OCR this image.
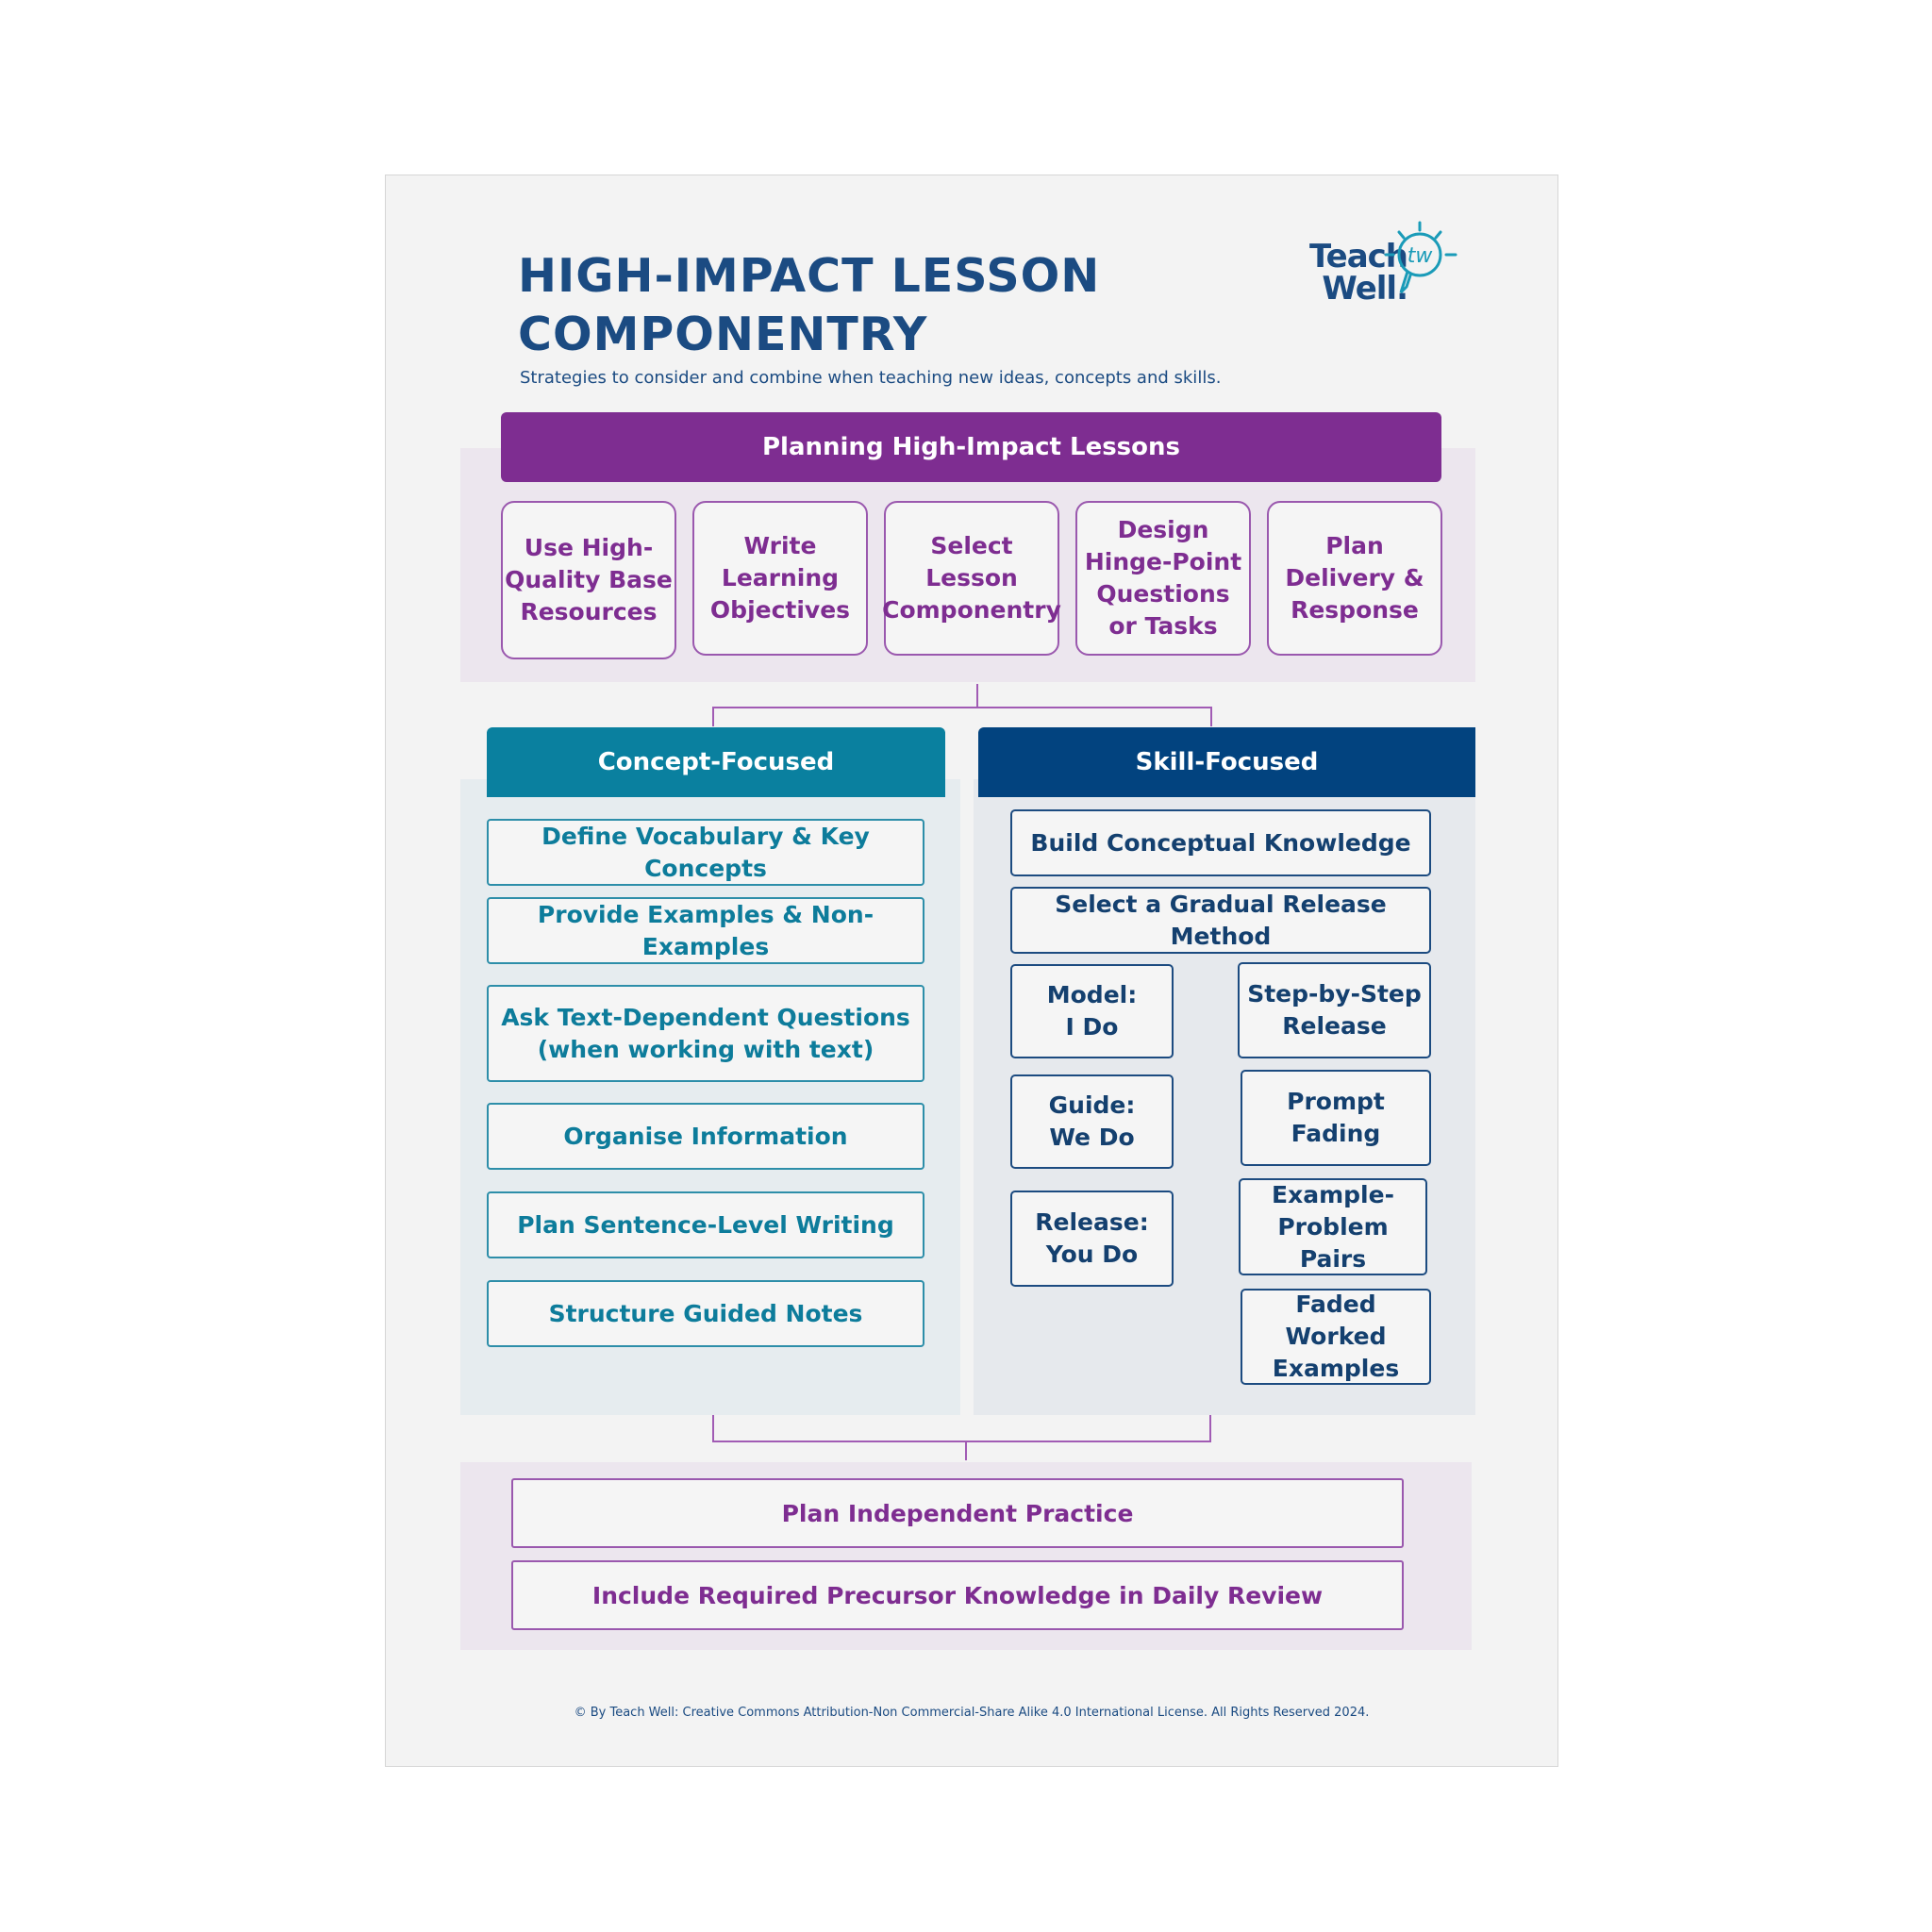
HIGH-IMPACT LESSON
COMPONENTRY
Strategies to consider and combine when teaching new ideas, concepts and skills.
Teach
Well.
tw
Planning High-Impact Lessons
Use High-
Quality Base
Resources
Write
Learning
Objectives
Select Lesson
Componentry
Design
Hinge-Point
Questions
or Tasks
Plan
Delivery &
Response
Concept-Focused
Define Vocabulary & Key Concepts
Provide Examples & Non-Examples
Ask Text-Dependent Questions
(when working with text)
Organise Information
Plan Sentence-Level Writing
Structure Guided Notes
Skill-Focused
Build Conceptual Knowledge
Select a Gradual Release Method
Model:
I Do
Guide:
We Do
Release:
You Do
Step-by-Step
Release
Prompt
Fading
Example-
Problem Pairs
Faded Worked
Examples
Plan Independent Practice
Include Required Precursor Knowledge in Daily Review
© By Teach Well: Creative Commons Attribution-Non Commercial-Share Alike 4.0 International License. All Rights Reserved 2024.
